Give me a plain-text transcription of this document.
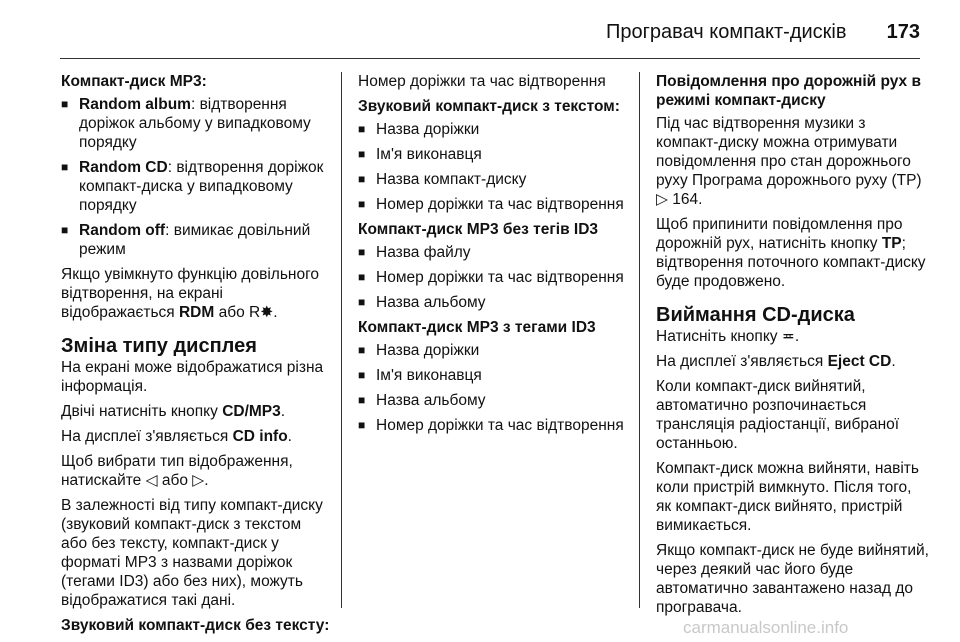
Програвач компакт-дисків 173

Компакт-диск MP3:

■ Random album: відтворення доріжок альбому у випадковому порядку
■ Random CD: відтворення доріжок компакт-диска у випадковому порядку
■ Random off: вимикає довільний режим

Якщо увімкнуто функцію довільного відтворення, на екрані відображається RDM або R✸.

Зміна типу дисплея

На екрані може відображатися різна інформація.

Двічі натисніть кнопку CD/MP3.

На дисплеї з'являється CD info.

Щоб вибрати тип відображення, натискайте ◁ або ▷.

В залежності від типу компакт-диску (звуковий компакт-диск з текстом або без тексту, компакт-диск у форматі MP3 з назвами доріжок (тегами ID3) або без них), можуть відображатися такі дані.

Звуковий компакт-диск без тексту:

Номер доріжки та час відтворення

Звуковий компакт-диск з текстом:

■ Назва доріжки
■ Ім'я виконавця
■ Назва компакт-диску
■ Номер доріжки та час відтворення

Компакт-диск MP3 без тегів ID3

■ Назва файлу
■ Номер доріжки та час відтворення
■ Назва альбому

Компакт-диск MP3 з тегами ID3

■ Назва доріжки
■ Ім'я виконавця
■ Назва альбому
■ Номер доріжки та час відтворення

Повідомлення про дорожній рух в режимі компакт-диску

Під час відтворення музики з компакт-диску можна отримувати повідомлення про стан дорожнього руху Програма дорожнього руху (TP) ▷ 164.

Щоб припинити повідомлення про дорожній рух, натисніть кнопку TP; відтворення поточного компакт-диску буде продовжено.

Виймання CD-диска

Натисніть кнопку ≖.

На дисплеї з'являється Eject CD.

Коли компакт-диск вийнятий, автоматично розпочинається трансляція радіостанції, вибраної останньою.

Компакт-диск можна вийняти, навіть коли пристрій вимкнуто. Після того, як компакт-диск вийнято, пристрій вимикається.

Якщо компакт-диск не буде вийнятий, через деякий час його буде автоматично завантажено назад до програвача.

carmanualsonline.info
